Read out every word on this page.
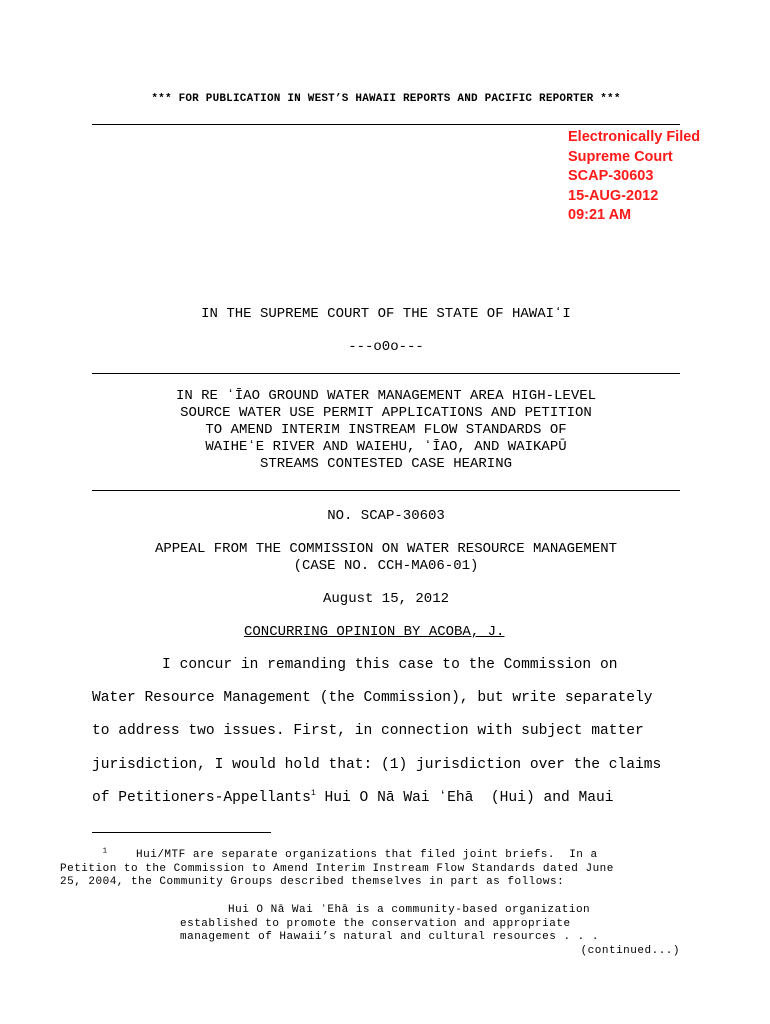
*** FOR PUBLICATION IN WEST’S HAWAII REPORTS AND PACIFIC REPORTER ***
Electronically Filed
Supreme Court
SCAP-30603
15-AUG-2012
09:21 AM
IN THE SUPREME COURT OF THE STATE OF HAWAIʻI
---o0o---
IN RE ʻĪAO GROUND WATER MANAGEMENT AREA HIGH-LEVEL
SOURCE WATER USE PERMIT APPLICATIONS AND PETITION
TO AMEND INTERIM INSTREAM FLOW STANDARDS OF
WAIHEʻE RIVER AND WAIEHU, ʻĪAO, AND WAIKAPŪ
STREAMS CONTESTED CASE HEARING
NO. SCAP-30603
APPEAL FROM THE COMMISSION ON WATER RESOURCE MANAGEMENT
(CASE NO. CCH-MA06-01)
August 15, 2012
CONCURRING OPINION BY ACOBA, J.
I concur in remanding this case to the Commission on
Water Resource Management (the Commission), but write separately
to address two issues. First, in connection with subject matter
jurisdiction, I would hold that: (1) jurisdiction over the claims
of Petitioners-Appellants$^1$ Hui O Nā Wai ʻEhā  (Hui) and Maui
$^1$	Hui/MTF are separate organizations that filed joint briefs.  In a
Petition to the Commission to Amend Interim Instream Flow Standards dated June
25, 2004, the Community Groups described themselves in part as follows:
Hui O Nā Wai ʻEhā is a community-based organization
established to promote the conservation and appropriate
management of Hawaii’s natural and cultural resources . . .
(continued...)
